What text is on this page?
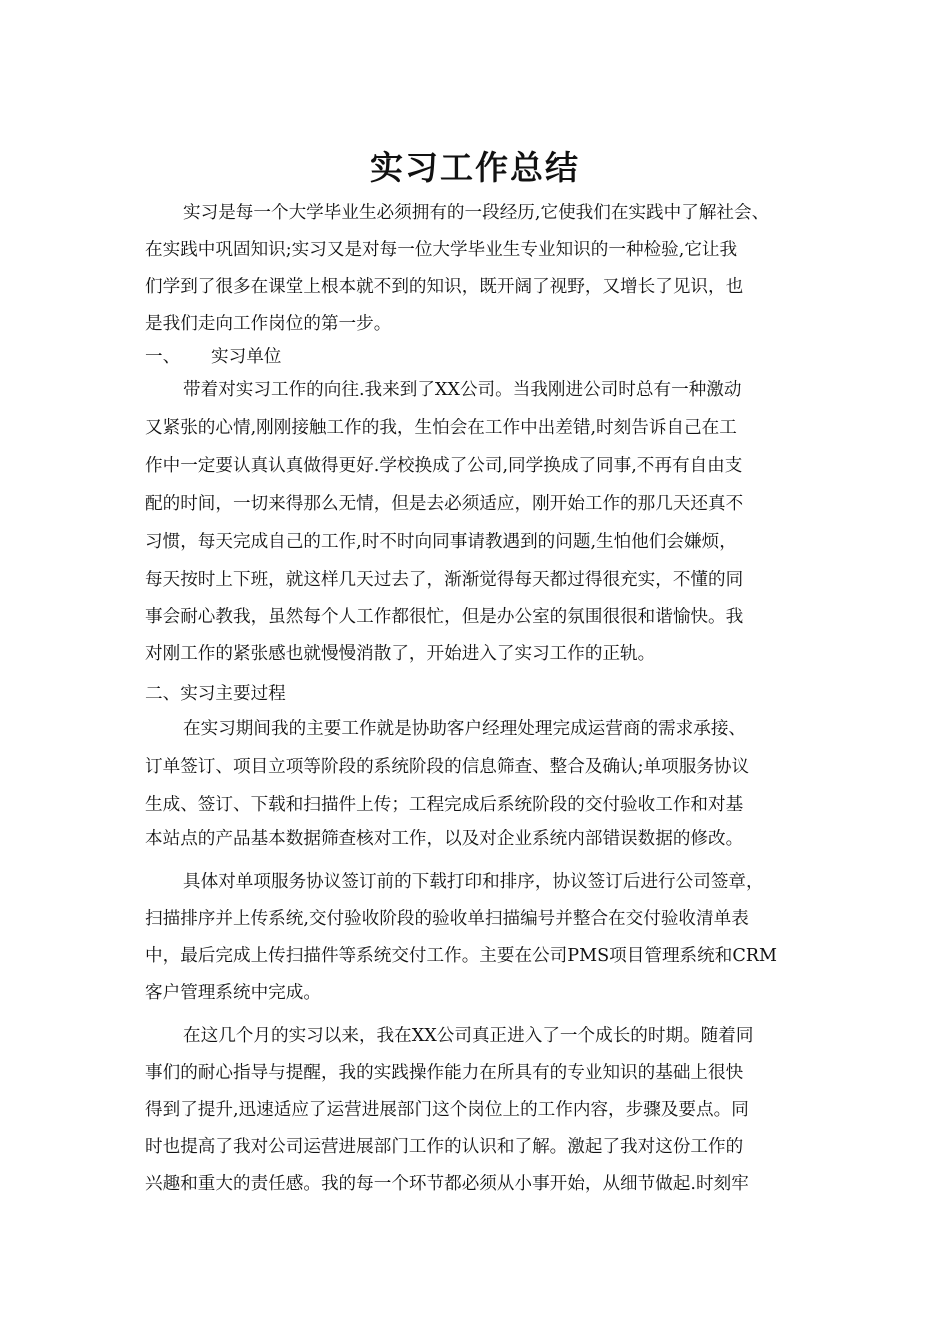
实习工作总结
实习是每一个大学毕业生必须拥有的一段经历,它使我们在实践中了解社会、
在实践中巩固知识;实习又是对每一位大学毕业生专业知识的一种检验,它让我
们学到了很多在课堂上根本就不到的知识，既开阔了视野，又增长了见识，也
是我们走向工作岗位的第一步。
一、 实习单位
带着对实习工作的向往.我来到了XX公司。当我刚进公司时总有一种激动
又紧张的心情,刚刚接触工作的我，生怕会在工作中出差错,时刻告诉自己在工
作中一定要认真认真做得更好.学校换成了公司,同学换成了同事,不再有自由支
配的时间，一切来得那么无情，但是去必须适应，刚开始工作的那几天还真不
习惯，每天完成自己的工作,时不时向同事请教遇到的问题,生怕他们会嫌烦，
每天按时上下班，就这样几天过去了，渐渐觉得每天都过得很充实，不懂的同
事会耐心教我，虽然每个人工作都很忙，但是办公室的氛围很很和谐愉快。我
对刚工作的紧张感也就慢慢消散了，开始进入了实习工作的正轨。
二、实习主要过程
在实习期间我的主要工作就是协助客户经理处理完成运营商的需求承接、
订单签订、项目立项等阶段的系统阶段的信息筛查、整合及确认;单项服务协议
生成、签订、下载和扫描件上传；工程完成后系统阶段的交付验收工作和对基
本站点的产品基本数据筛查核对工作，以及对企业系统内部错误数据的修改。
具体对单项服务协议签订前的下载打印和排序，协议签订后进行公司签章，
扫描排序并上传系统,交付验收阶段的验收单扫描编号并整合在交付验收清单表
中，最后完成上传扫描件等系统交付工作。主要在公司PMS项目管理系统和CRM
客户管理系统中完成。
在这几个月的实习以来，我在XX公司真正进入了一个成长的时期。随着同
事们的耐心指导与提醒，我的实践操作能力在所具有的专业知识的基础上很快
得到了提升,迅速适应了运营进展部门这个岗位上的工作内容，步骤及要点。同
时也提高了我对公司运营进展部门工作的认识和了解。激起了我对这份工作的
兴趣和重大的责任感。我的每一个环节都必须从小事开始，从细节做起.时刻牢
